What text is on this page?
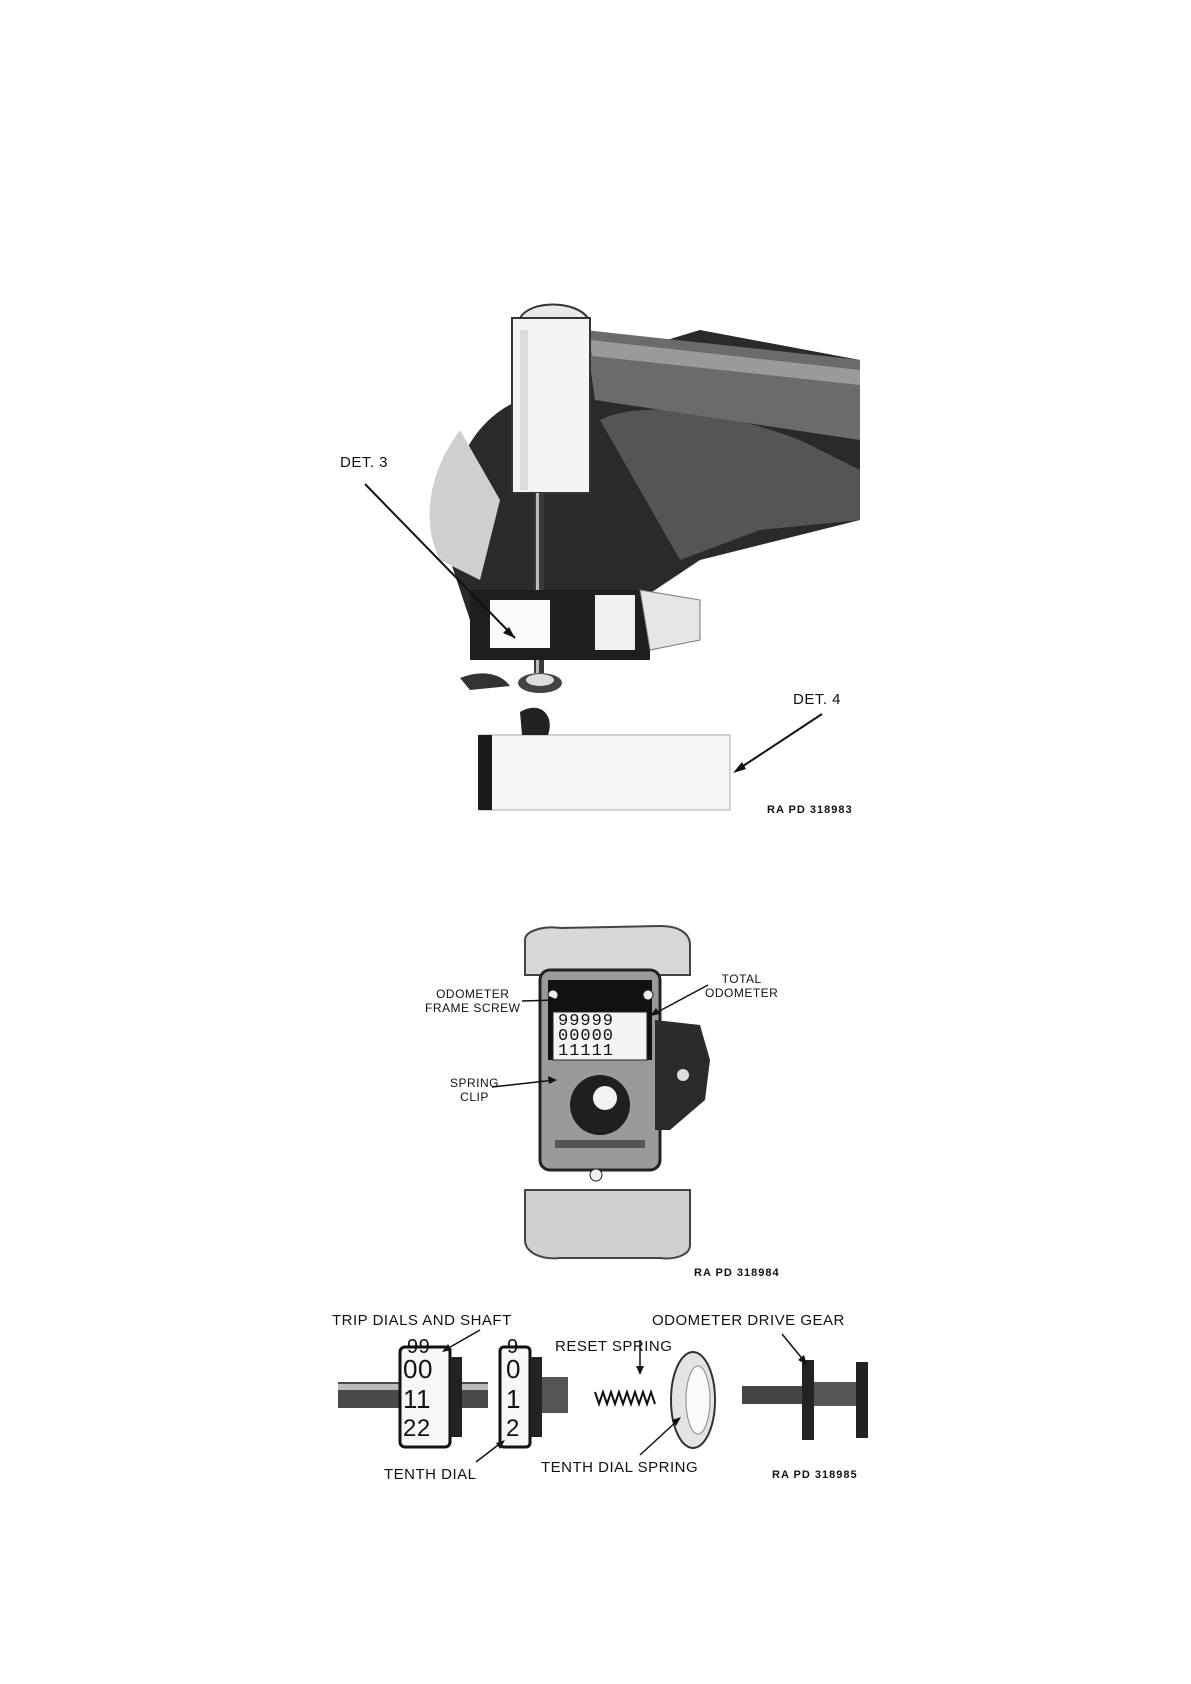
DET. 3
DET. 4
RA PD 318983
99999
00000
11111
ODOMETER
FRAME SCREW
TOTAL
ODOMETER
SPRING
CLIP
RA PD 318984
99
00
11
22
9
0
1
2
TRIP DIALS AND SHAFT	ODOMETER DRIVE GEAR
RESET SPRING
TENTH DIAL	TENTH DIAL SPRING	RA PD 318985
